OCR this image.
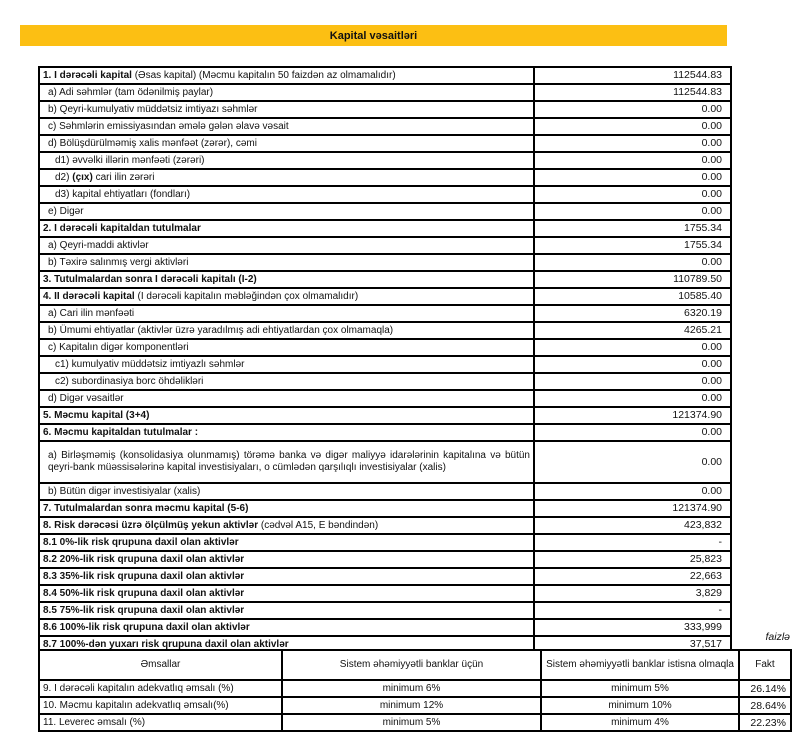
Kapital vəsaitləri
1. I dərəcəli kapital (Əsas kapital) (Məcmu kapitalın 50 faizdən az olmamalıdır)	112544.83
a) Adi səhmlər (tam ödənilmiş paylar)	112544.83
b) Qeyri-kumulyativ müddətsiz imtiyazı səhmlər	0.00
c) Səhmlərin emissiyasından əmələ gələn əlavə vəsait	0.00
d) Bölüşdürülməmiş xalis mənfəət (zərər), cəmi	0.00
d1) əvvəlki illərin mənfəəti (zərəri)	0.00
d2) (çıx) cari ilin zərəri	0.00
d3) kapital ehtiyatları (fondları)	0.00
e) Digər	0.00
2. I dərəcəli kapitaldan tutulmalar	1755.34
a) Qeyri-maddi aktivlər	1755.34
b) Təxirə salınmış vergi aktivləri	0.00
3. Tutulmalardan sonra I dərəcəli kapitalı (I-2)	110789.50
4. II dərəcəli kapital (I dərəcəli kapitalın məbləğindən çox olmamalıdır)	10585.40
a) Cari ilin mənfəəti	6320.19
b) Ümumi ehtiyatlar (aktivlər üzrə yaradılmış adi ehtiyatlardan çox olmamaqla)	4265.21
c) Kapitalın digər komponentləri	0.00
c1) kumulyativ müddətsiz imtiyazlı səhmlər	0.00
c2) subordinasiya borc öhdəlikləri	0.00
d) Digər vəsaitlər	0.00
5. Məcmu kapital (3+4)	121374.90
6. Məcmu kapitaldan tutulmalar :	0.00
a) Birləşməmiş (konsolidasiya olunmamış) törəmə banka və digər maliyyə idarələrinin kapitalına və bütün qeyri-bank müəssisələrinə kapital investisiyaları, o cümlədən qarşılıqlı investisiyalar (xalis)	0.00
b) Bütün digər investisiyalar (xalis)	0.00
7. Tutulmalardan sonra məcmu kapital (5-6)	121374.90
8. Risk dərəcəsi üzrə ölçülmüş yekun aktivlər (cədvəl A15, E bəndindən)	423,832
8.1 0%-lik risk qrupuna daxil olan aktivlər	-
8.2 20%-lik risk qrupuna daxil olan aktivlər	25,823
8.3 35%-lik risk qrupuna daxil olan aktivlər	22,663
8.4 50%-lik risk qrupuna daxil olan aktivlər	3,829
8.5 75%-lik risk qrupuna daxil olan aktivlər	-
8.6 100%-lik risk qrupuna daxil olan aktivlər	333,999
8.7 100%-dən yuxarı risk qrupuna daxil olan aktivlər	37,517
faizlə
Əmsallar	Sistem əhəmiyyətli banklar üçün	Sistem əhəmiyyətli banklar istisna olmaqla	Fakt
9. I dərəcəli kapitalın adekvatlıq əmsalı (%)	minimum 6%	minimum 5%	26.14%
10. Məcmu kapitalın adekvatlıq əmsalı(%)	minimum 12%	minimum 10%	28.64%
11. Leverec əmsalı (%)	minimum 5%	minimum 4%	22.23%
